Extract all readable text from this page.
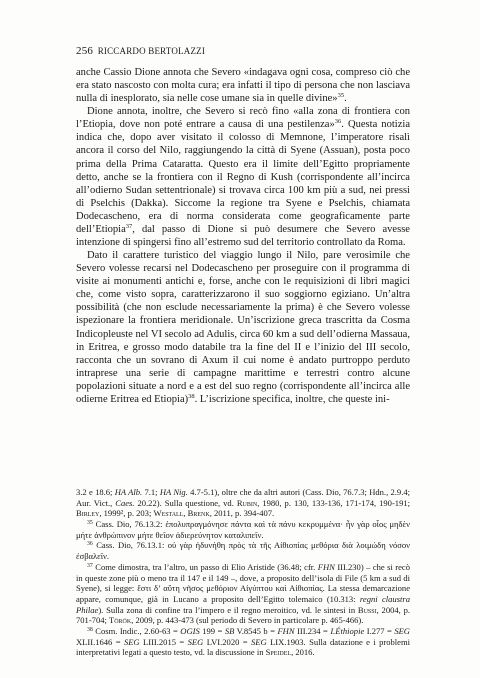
256 RICCARDO BERTOLAZZI

anche Cassio Dione annota che Severo «indagava ogni cosa, compreso ciò che era stato nascosto con molta cura; era infatti il tipo di persona che non lasciava nulla di inesplorato, sia nelle cose umane sia in quelle divine»$^{35}$.

Dione annota, inoltre, che Severo si recò fino «alla zona di frontiera con l’Etiopia, dove non poté entrare a causa di una pestilenza»$^{36}$. Questa notizia indica che, dopo aver visitato il colosso di Memnone, l’imperatore risalì ancora il corso del Nilo, raggiungendo la città di Syene (Assuan), posta poco prima della Prima Cataratta. Questo era il limite dell’Egitto propriamente detto, anche se la frontiera con il Regno di Kush (corrispondente all’incirca all’odierno Sudan settentrionale) si trovava circa 100 km più a sud, nei pressi di Pselchis (Dakka). Siccome la regione tra Syene e Pselchis, chiamata Dodecascheno, era di norma considerata come geograficamente parte dell’Etiopia$^{37}$, dal passo di Dione si può desumere che Severo avesse intenzione di spingersi fino all’estremo sud del territorio controllato da Roma.

Dato il carattere turistico del viaggio lungo il Nilo, pare verosimile che Severo volesse recarsi nel Dodecascheno per proseguire con il programma di visite ai monumenti antichi e, forse, anche con le requisizioni di libri magici che, come visto sopra, caratterizzarono il suo soggiorno egiziano. Un’altra possibilità (che non esclude necessariamente la prima) è che Severo volesse ispezionare la frontiera meridionale. Un’iscrizione greca trascritta da Cosma Indicopleuste nel VI secolo ad Adulis, circa 60 km a sud dell’odierna Massaua, in Eritrea, e grosso modo databile tra la fine del II e l’inizio del III secolo, racconta che un sovrano di Axum il cui nome è andato purtroppo perduto intraprese una serie di campagne marittime e terrestri contro alcune popolazioni situate a nord e a est del suo regno (corrispondente all’incirca alle odierne Eritrea ed Etiopia)$^{38}$. L’iscrizione specifica, inoltre, che queste ini-

3.2 e 18.6; HA Alb. 7.1; HA Nig. 4.7-5.1), oltre che da altri autori (Cass. Dio, 76.7.3; Hdn., 2.9.4; Aur. Vict., Caes. 20.22). Sulla questione, vd. Rubin, 1980, p. 130, 133-136, 171-174, 190-191; Birley, 1999², p. 203; Westall, Brenk, 2011, p. 394-407.

$^{35}$ Cass. Dio, 76.13.2: ἐπολυπραγμόνησε πάντα καὶ τὰ πάνυ κεκρυμμένα· ἦν γὰρ οἷος μηδὲν μήτε ἀνθρώπινον μήτε θεῖον ἀδιερεύνητον καταλιπεῖν.

$^{36}$ Cass. Dio, 76.13.1: οὐ γὰρ ἠδυνήθη πρὸς τὰ τῆς Αἰθιοπίας μεθόρια διὰ λοιμώδη νόσον ἐσβαλεῖν.

$^{37}$ Come dimostra, tra l’altro, un passo di Elio Aristide (36.48; cfr. FHN III.230) – che si recò in queste zone più o meno tra il 147 e il 149 –, dove, a proposito dell’isola di File (5 km a sud di Syene), si legge: ἔστι δ’ αὕτη νῆσος μεθόριον Αἰγύπτου καὶ Αἰθιοπίας. La stessa demarcazione appare, comunque, già in Lucano a proposito dell’Egitto tolemaico (10.313: regni claustra Philae). Sulla zona di confine tra l’impero e il regno meroitico, vd. le sintesi in Bussi, 2004, p. 701-704; Török, 2009, p. 443-473 (sul periodo di Severo in particolare p. 465-466).

$^{38}$ Cosm. Indic., 2.60-63 = OGIS 199 = SB V.8545 b = FHN III.234 = I.Éthiopie I.277 = SEG XLII.1646 = SEG LIII.2015 = SEG LVI.2020 = SEG LIX.1903. Sulla datazione e i problemi interpretativi legati a questo testo, vd. la discussione in Speidel, 2016.
